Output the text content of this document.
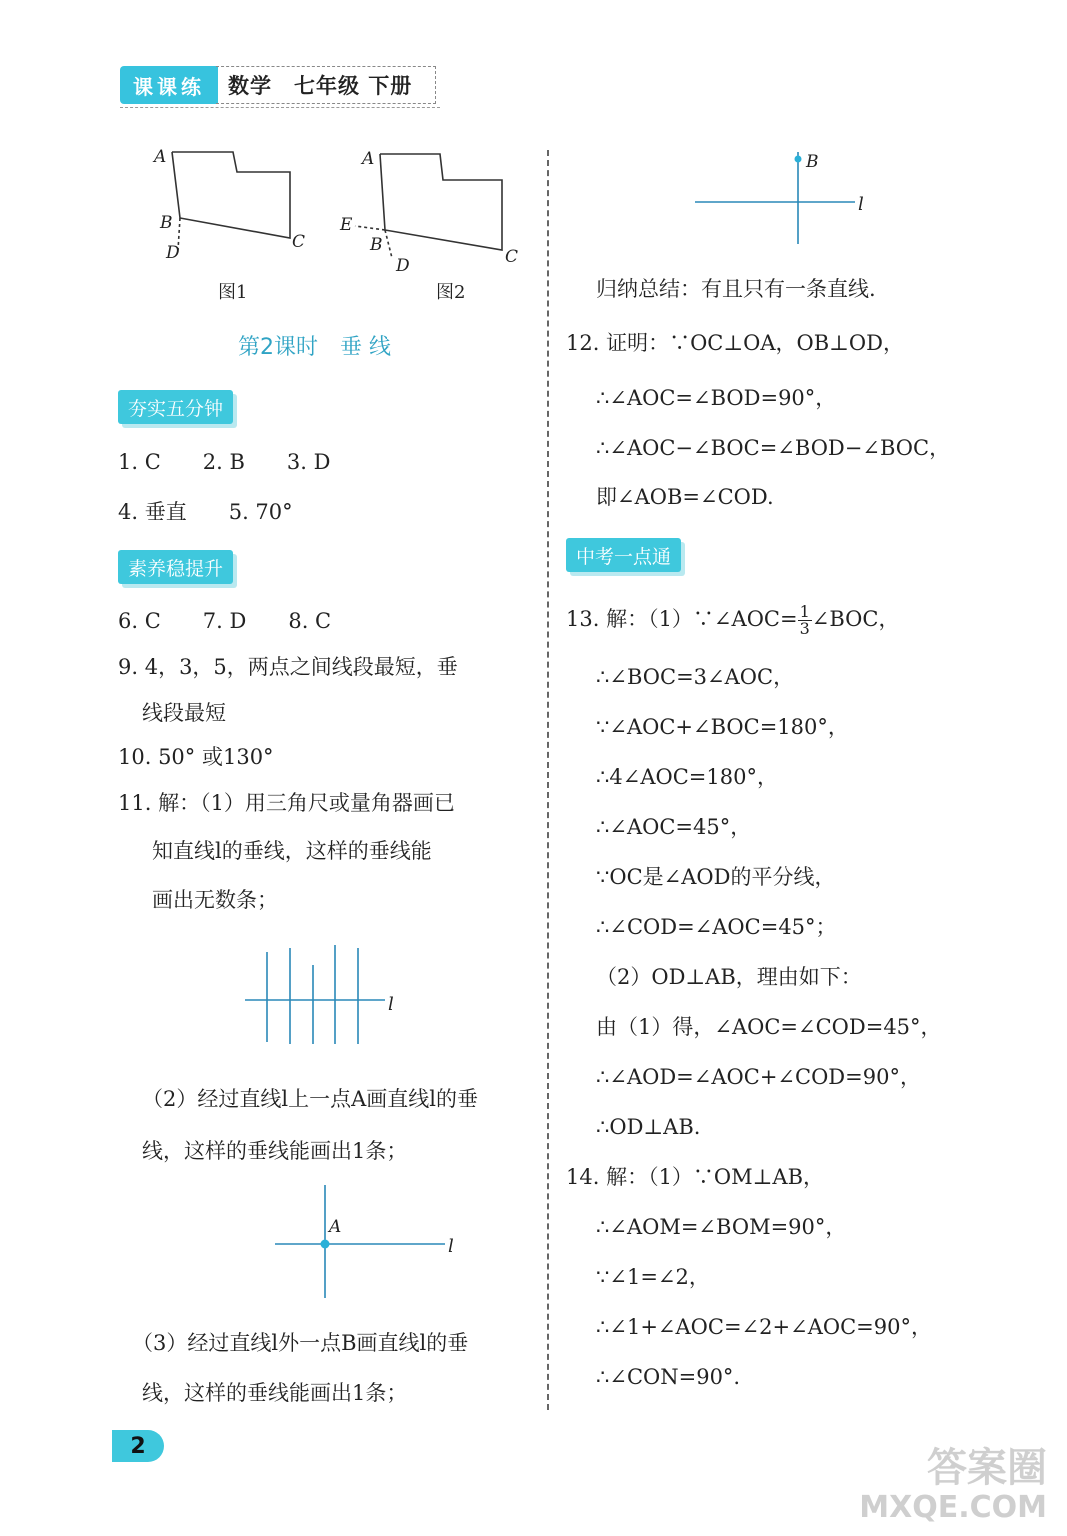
课课练	数学　七年级 下册
A
B
C
D
A
B
C
D
E
图1	图2
第2课时　垂 线
夯实五分钟
1. C　　2. B　　3. D
4. 垂直　　5. 70°
素养稳提升
6. C　　7. D　　8. C
9. 4，3，5，两点之间线段最短，垂
线段最短
10. 50° 或130°
11. 解：（1）用三角尺或量角器画已
知直线l的垂线，这样的垂线能
画出无数条；
l
（2）经过直线l上一点A画直线l的垂
线，这样的垂线能画出1条；
A
l
（3）经过直线l外一点B画直线l的垂
线，这样的垂线能画出1条；
B
l
归纳总结：有且只有一条直线.
12. 证明：∵OC⊥OA，OB⊥OD，
∴∠AOC=∠BOD=90°，
∴∠AOC−∠BOC=∠BOD−∠BOC，
即∠AOB=∠COD.
中考一点通
13. 解：（1）∵∠AOC= $\frac{1}{3}$ ∠BOC，
∴∠BOC=3∠AOC，
∵∠AOC+∠BOC=180°，
∴4∠AOC=180°，
∴∠AOC=45°，
∵OC是∠AOD的平分线，
∴∠COD=∠AOC=45°；
（2）OD⊥AB，理由如下：
由（1）得，∠AOC=∠COD=45°，
∴∠AOD=∠AOC+∠COD=90°，
∴OD⊥AB.
14. 解：（1）∵OM⊥AB，
∴∠AOM=∠BOM=90°，
∵∠1=∠2，
∴∠1+∠AOC=∠2+∠AOC=90°，
∴∠CON=90°.
2	答案圈
MXQE.COM
